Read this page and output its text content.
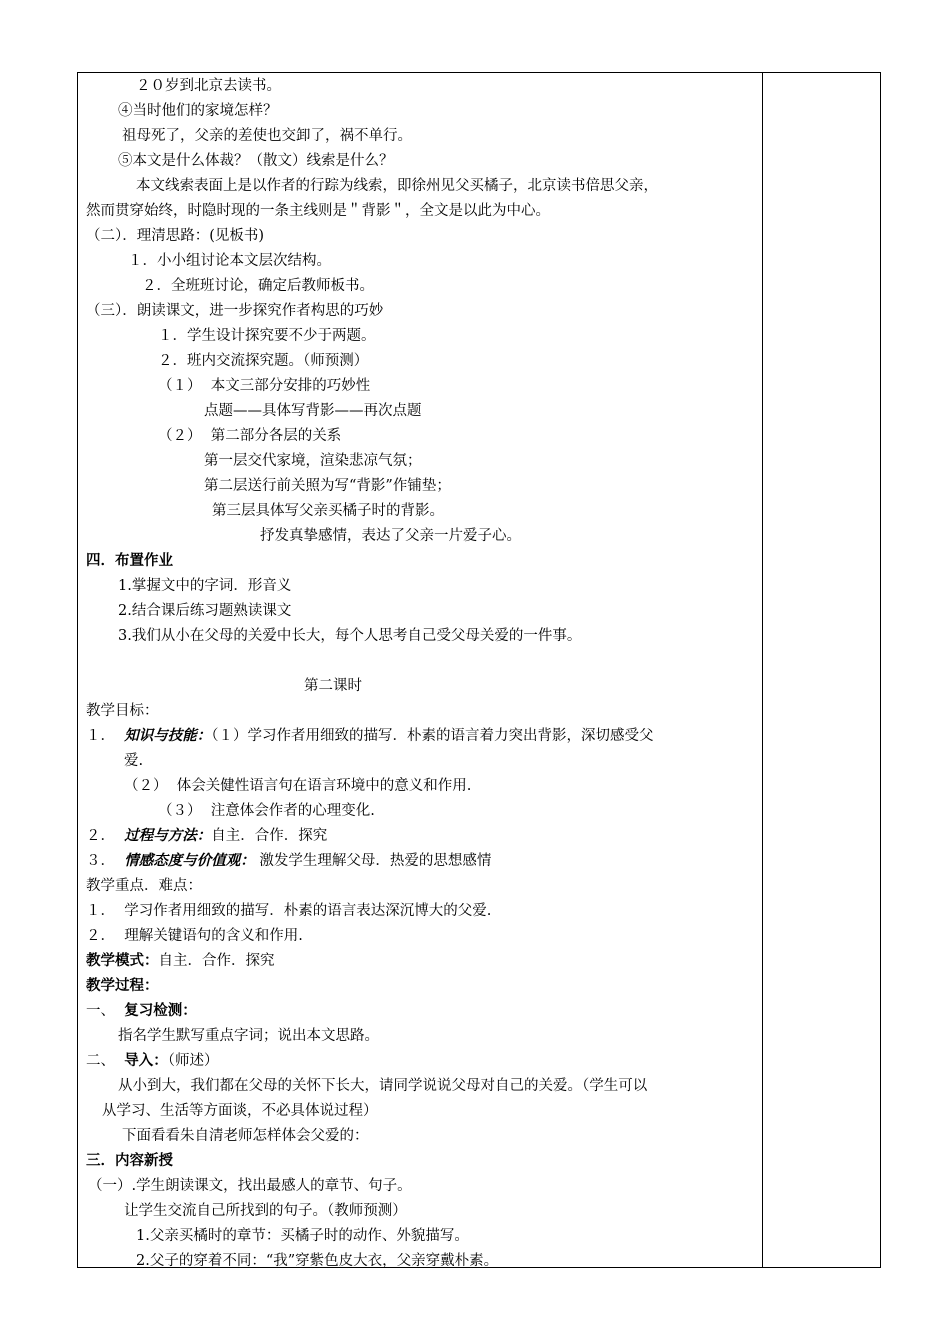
２０岁到北京去读书。
④当时他们的家境怎样？
祖母死了，父亲的差使也交卸了，祸不单行。
⑤本文是什么体裁？（散文）线索是什么？
本文线索表面上是以作者的行踪为线索，即徐州见父买橘子，北京读书倍思父亲，
然而贯穿始终，时隐时现的一条主线则是＂背影＂，全文是以此为中心。
（二）．理清思路：(见板书)
１．小小组讨论本文层次结构。
２．全班班讨论，确定后教师板书。
（三）．朗读课文，进一步探究作者构思的巧妙
１．学生设计探究要不少于两题。
２．班内交流探究题。（师预测）
（１）  本文三部分安排的巧妙性
点题——具体写背影——再次点题
（２）  第二部分各层的关系
第一层交代家境，渲染悲凉气氛；
第二层送行前关照为写“背影”作铺垫；
第三层具体写父亲买橘子时的背影。
抒发真挚感情，表达了父亲一片爱子心。
四．布置作业
1.掌握文中的字词．形音义
2.结合课后练习题熟读课文
3.我们从小在父母的关爱中长大，每个人思考自己受父母关爱的一件事。
第二课时
教学目标：
１． 知识与技能：（１）学习作者用细致的描写．朴素的语言着力突出背影，深切感受父
爱.
（２）  体会关健性语言句在语言环境中的意义和作用.
（３）  注意体会作者的心理变化.
２． 过程与方法：自主．合作．探究
３． 情感态度与价值观： 激发学生理解父母．热爱的思想感情
教学重点．难点：
１．  学习作者用细致的描写．朴素的语言表达深沉博大的父爱.
２．  理解关键语句的含义和作用.
教学模式：自主．合作．探究
教学过程：
一、 复习检测：
指名学生默写重点字词；说出本文思路。
二、 导入：（师述）
从小到大，我们都在父母的关怀下长大，请同学说说父母对自己的关爱。（学生可以
从学习、生活等方面谈，不必具体说过程）
下面看看朱自清老师怎样体会父爱的：
三．内容新授
（一）.学生朗读课文，找出最感人的章节、句子。
让学生交流自己所找到的句子。（教师预测）
1.父亲买橘时的章节：买橘子时的动作、外貌描写。
2.父子的穿着不同：“我”穿紫色皮大衣，父亲穿戴朴素。
